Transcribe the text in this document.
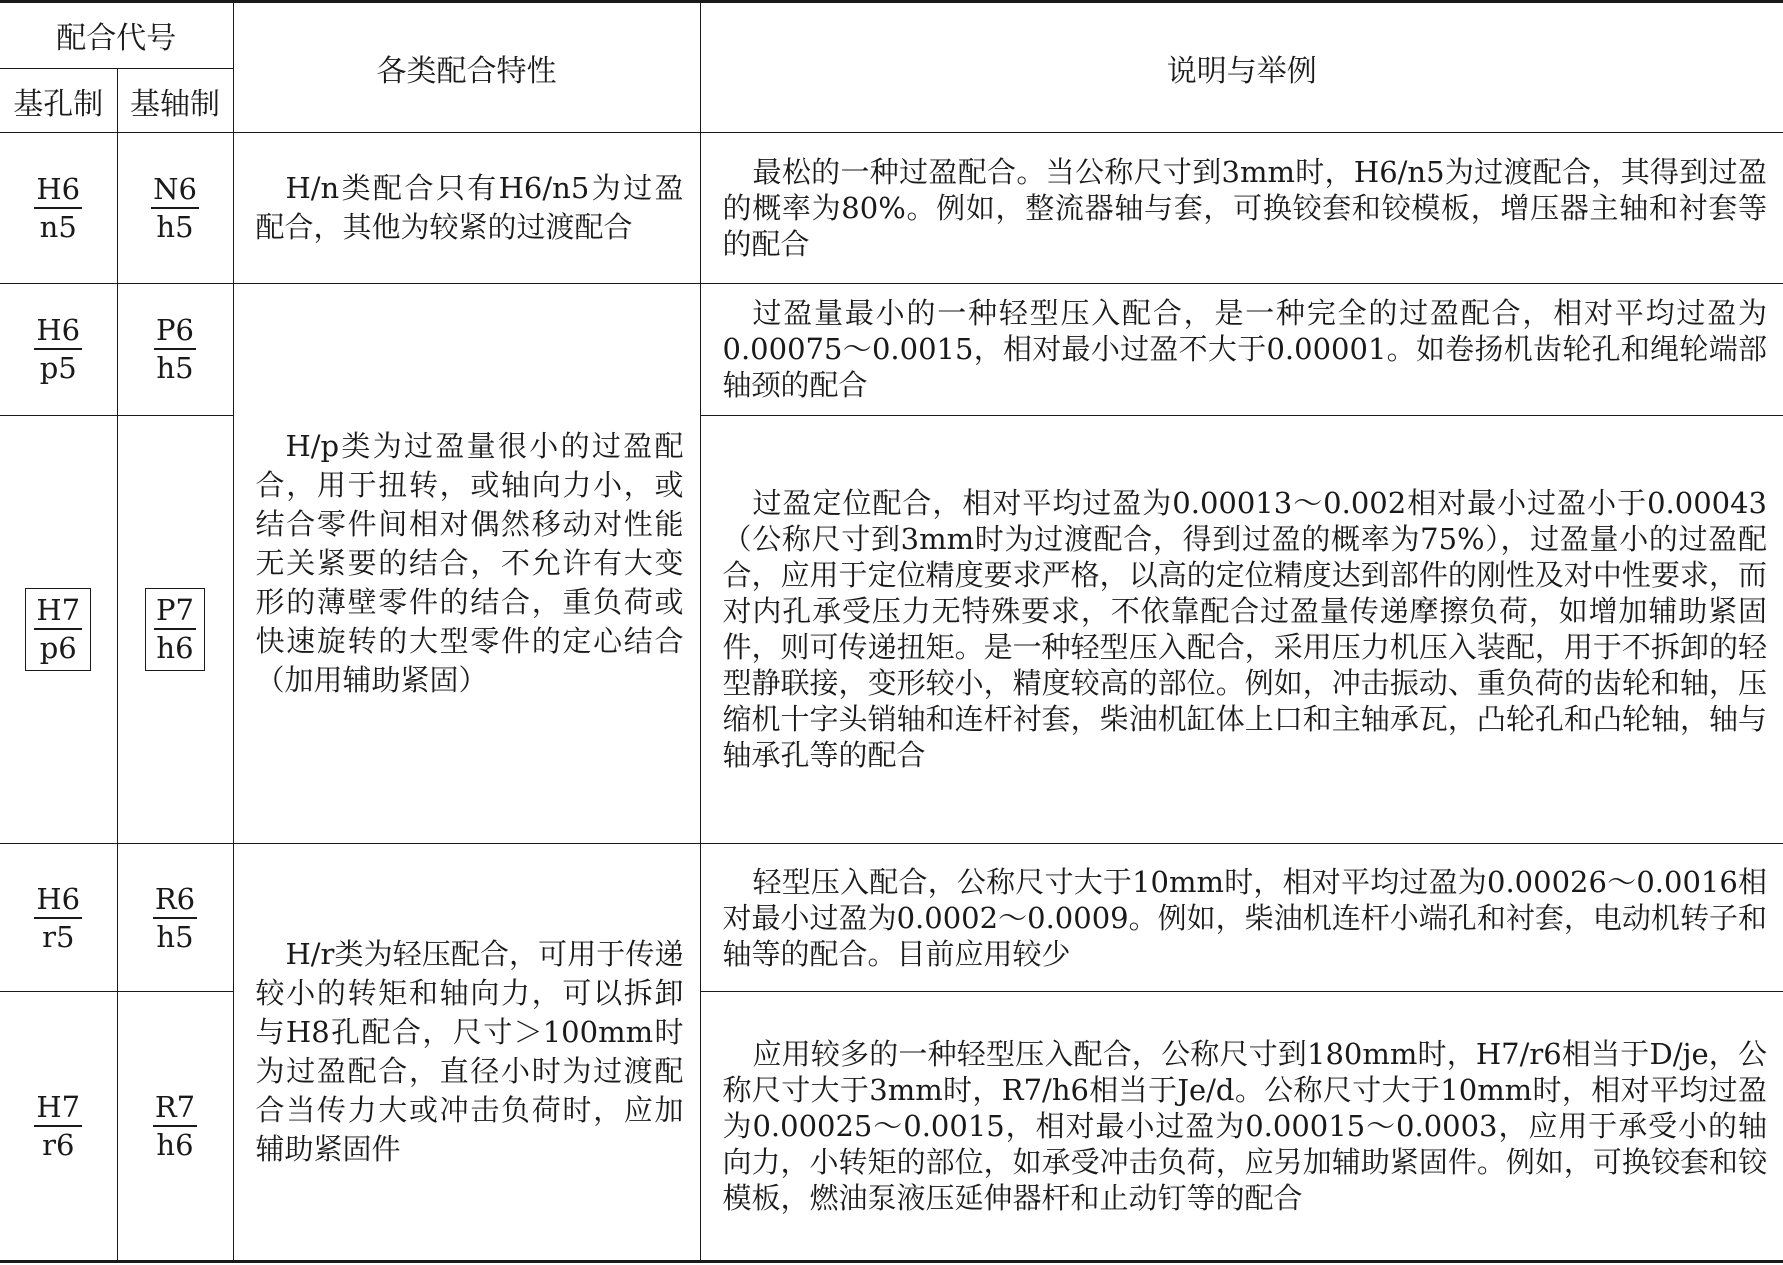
配合代号		各类配合特性	说明与举例
基孔制	基轴制		

$\frac{H6}{n5}$	$\frac{N6}{h5}$	H/n类配合只有H6/n5为过盈配合，其他为较紧的过渡配合	最松的一种过盈配合。当公称尺寸到3mm时，H6/n5为过渡配合，其得到过盈的概率为80%。例如，整流器轴与套，可换铰套和铰模板，增压器主轴和衬套等的配合

$\frac{H6}{p5}$	$\frac{P6}{h5}$	H/p类为过盈量很小的过盈配合，用于扭转，或轴向力小，或结合零件间相对偶然移动对性能无关紧要的结合，不允许有大变形的薄壁零件的结合，重负荷或快速旋转的大型零件的定心结合（加用辅助紧固）	过盈量最小的一种轻型压入配合，是一种完全的过盈配合，相对平均过盈为0.00075～0.0015，相对最小过盈不大于0.00001。如卷扬机齿轮孔和绳轮端部轴颈的配合

$\frac{H7}{p6}$	$\frac{P7}{h6}$		过盈定位配合，相对平均过盈为0.00013～0.002相对最小过盈小于0.00043（公称尺寸到3mm时为过渡配合，得到过盈的概率为75%），过盈量小的过盈配合，应用于定位精度要求严格，以高的定位精度达到部件的刚性及对中性要求，而对内孔承受压力无特殊要求，不依靠配合过盈量传递摩擦负荷，如增加辅助紧固件，则可传递扭矩。是一种轻型压入配合，采用压力机压入装配，用于不拆卸的轻型静联接，变形较小，精度较高的部位。例如，冲击振动、重负荷的齿轮和轴，压缩机十字头销轴和连杆衬套，柴油机缸体上口和主轴承瓦，凸轮孔和凸轮轴，轴与轴承孔等的配合

$\frac{H6}{r5}$	$\frac{R6}{h5}$	H/r类为轻压配合，可用于传递较小的转矩和轴向力，可以拆卸与H8孔配合，尺寸＞100mm时为过盈配合，直径小时为过渡配合当传力大或冲击负荷时，应加辅助紧固件	轻型压入配合，公称尺寸大于10mm时，相对平均过盈为0.00026～0.0016相对最小过盈为0.0002～0.0009。例如，柴油机连杆小端孔和衬套，电动机转子和轴等的配合。目前应用较少

$\frac{H7}{r6}$	$\frac{R7}{h6}$		应用较多的一种轻型压入配合，公称尺寸到180mm时，H7/r6相当于D/je，公称尺寸大于3mm时，R7/h6相当于Je/d。公称尺寸大于10mm时，相对平均过盈为0.00025～0.0015，相对最小过盈为0.00015～0.0003，应用于承受小的轴向力，小转矩的部位，如承受冲击负荷，应另加辅助紧固件。例如，可换铰套和铰模板，燃油泵液压延伸器杆和止动钉等的配合
